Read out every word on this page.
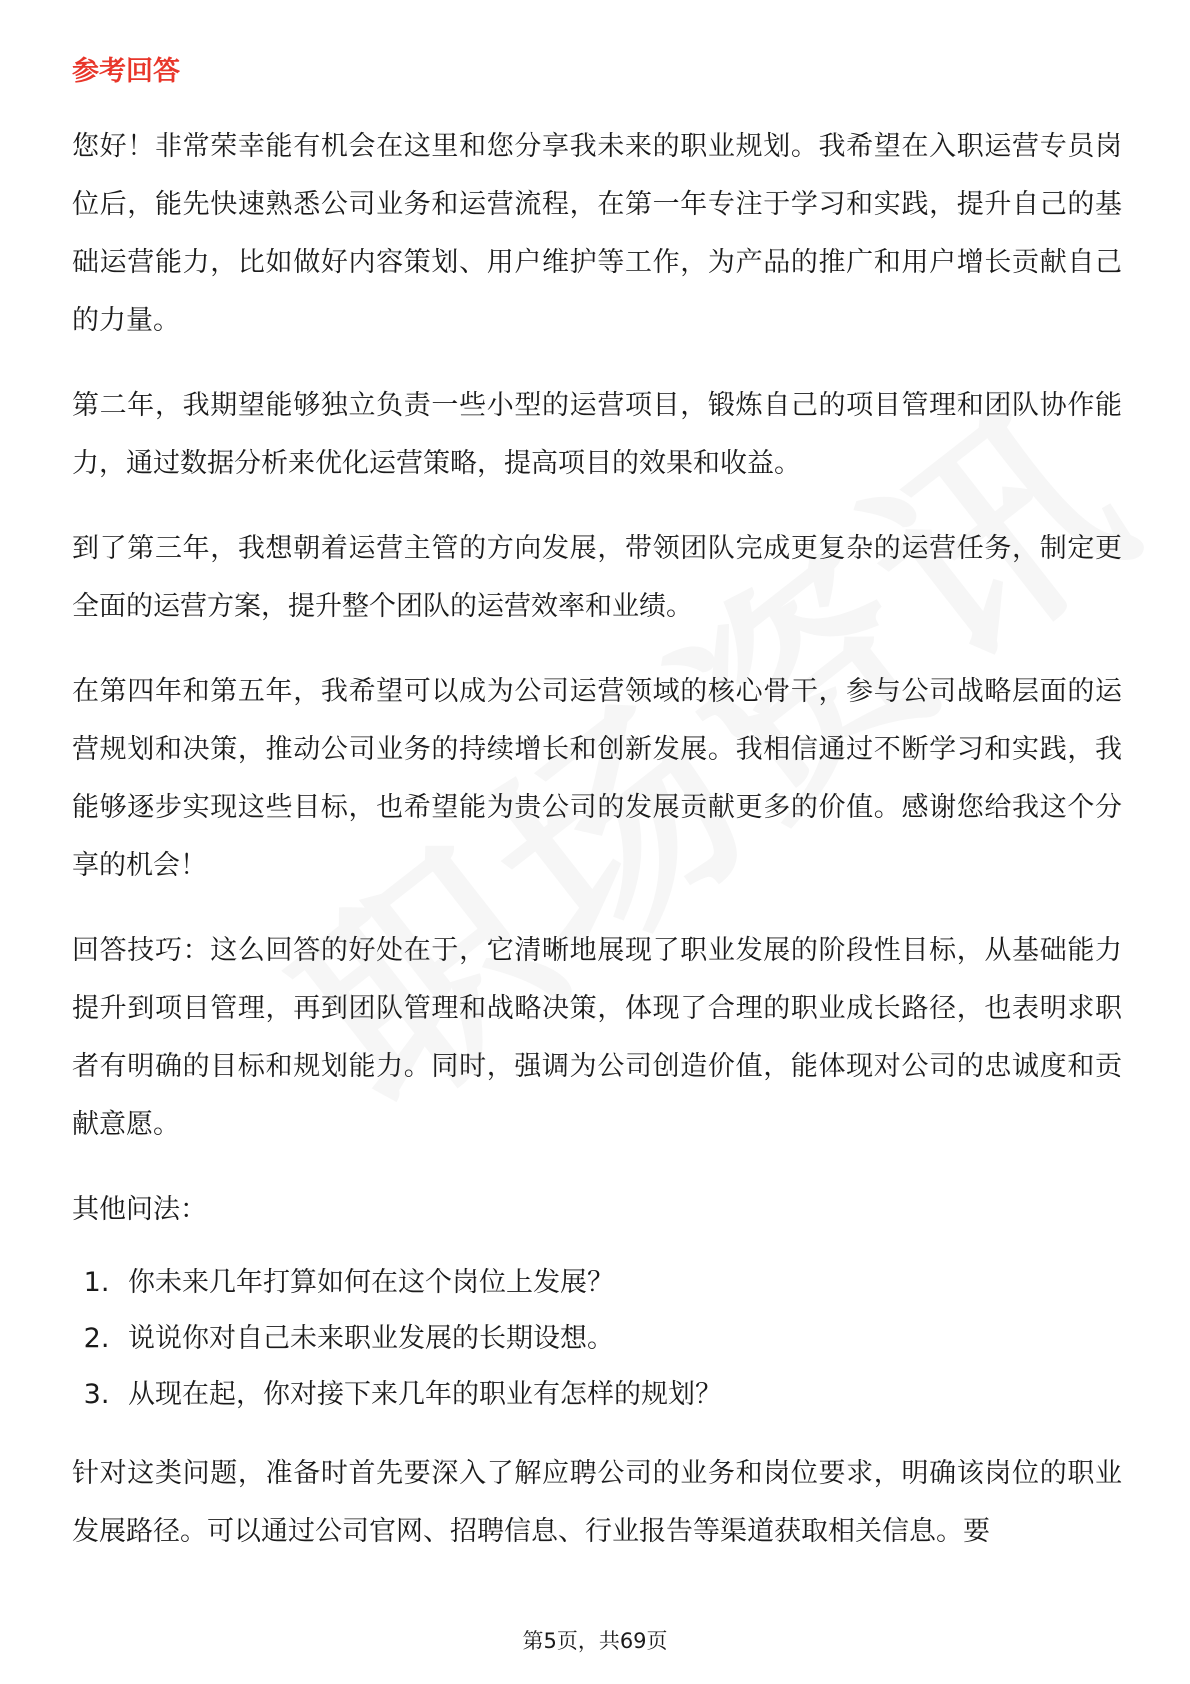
参考回答

您好！非常荣幸能有机会在这里和您分享我未来的职业规划。我希望在入职运营专员岗位后，能先快速熟悉公司业务和运营流程，在第一年专注于学习和实践，提升自己的基础运营能力，比如做好内容策划、用户维护等工作，为产品的推广和用户增长贡献自己的力量。

第二年，我期望能够独立负责一些小型的运营项目，锻炼自己的项目管理和团队协作能力，通过数据分析来优化运营策略，提高项目的效果和收益。

到了第三年，我想朝着运营主管的方向发展，带领团队完成更复杂的运营任务，制定更全面的运营方案，提升整个团队的运营效率和业绩。

在第四年和第五年，我希望可以成为公司运营领域的核心骨干，参与公司战略层面的运营规划和决策，推动公司业务的持续增长和创新发展。我相信通过不断学习和实践，我能够逐步实现这些目标，也希望能为贵公司的发展贡献更多的价值。感谢您给我这个分享的机会！

回答技巧：这么回答的好处在于，它清晰地展现了职业发展的阶段性目标，从基础能力提升到项目管理，再到团队管理和战略决策，体现了合理的职业成长路径，也表明求职者有明确的目标和规划能力。同时，强调为公司创造价值，能体现对公司的忠诚度和贡献意愿。

其他问法：

1. 你未来几年打算如何在这个岗位上发展？
2. 说说你对自己未来职业发展的长期设想。
3. 从现在起，你对接下来几年的职业有怎样的规划？

针对这类问题，准备时首先要深入了解应聘公司的业务和岗位要求，明确该岗位的职业发展路径。可以通过公司官网、招聘信息、行业报告等渠道获取相关信息。要

第5页，共69页
